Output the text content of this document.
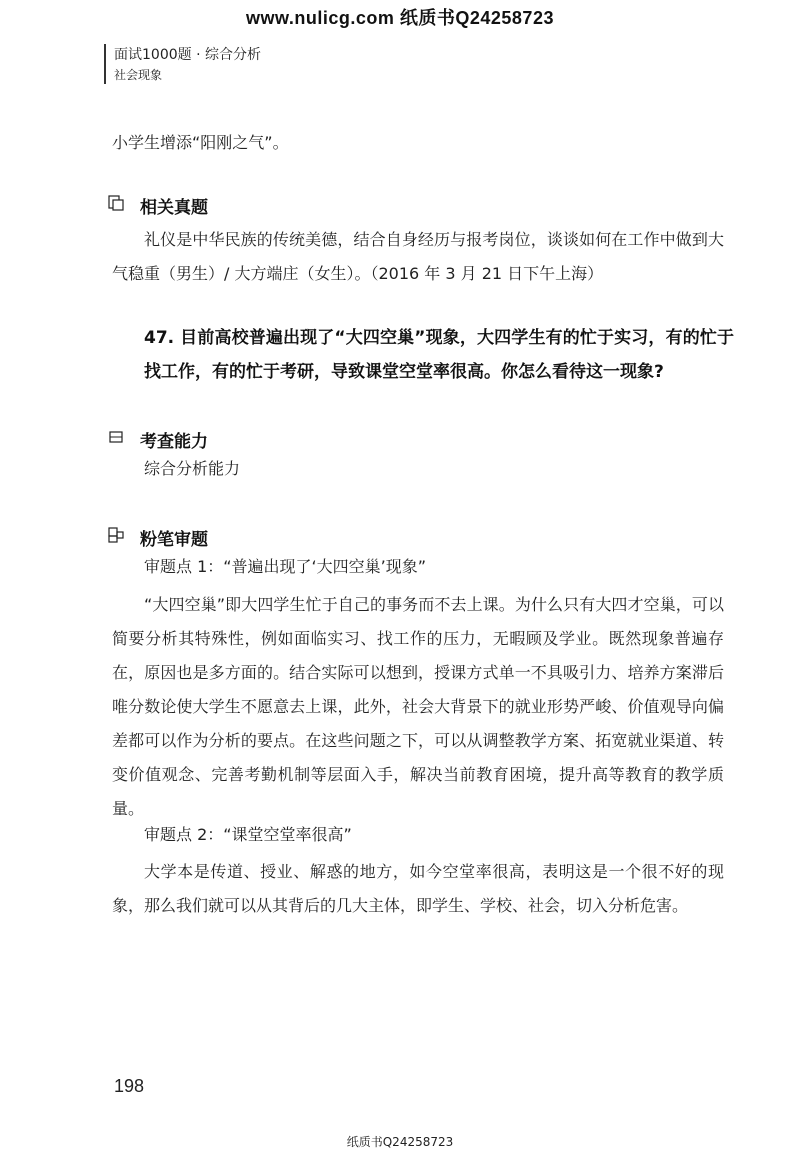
www.nulicg.com 纸质书Q24258723
面试1000题 · 综合分析
社会现象
小学生增添“阳刚之气”。
相关真题
礼仪是中华民族的传统美德，结合自身经历与报考岗位，谈谈如何在工作中做到大气稳重（男生）/ 大方端庄（女生）。（2016 年 3 月 21 日下午上海）
47. 目前高校普遍出现了“大四空巢”现象，大四学生有的忙于实习，有的忙于找工作，有的忙于考研，导致课堂空堂率很高。你怎么看待这一现象?
考查能力
综合分析能力
粉笔审题
审题点 1：“普遍出现了‘大四空巢’现象”
“大四空巢”即大四学生忙于自己的事务而不去上课。为什么只有大四才空巢，可以简要分析其特殊性，例如面临实习、找工作的压力，无暇顾及学业。既然现象普遍存在，原因也是多方面的。结合实际可以想到，授课方式单一不具吸引力、培养方案滞后唯分数论使大学生不愿意去上课，此外，社会大背景下的就业形势严峻、价值观导向偏差都可以作为分析的要点。在这些问题之下，可以从调整教学方案、拓宽就业渠道、转变价值观念、完善考勤机制等层面入手，解决当前教育困境，提升高等教育的教学质量。
审题点 2：“课堂空堂率很高”
大学本是传道、授业、解惑的地方，如今空堂率很高，表明这是一个很不好的现象，那么我们就可以从其背后的几大主体，即学生、学校、社会，切入分析危害。
198
纸质书Q24258723
